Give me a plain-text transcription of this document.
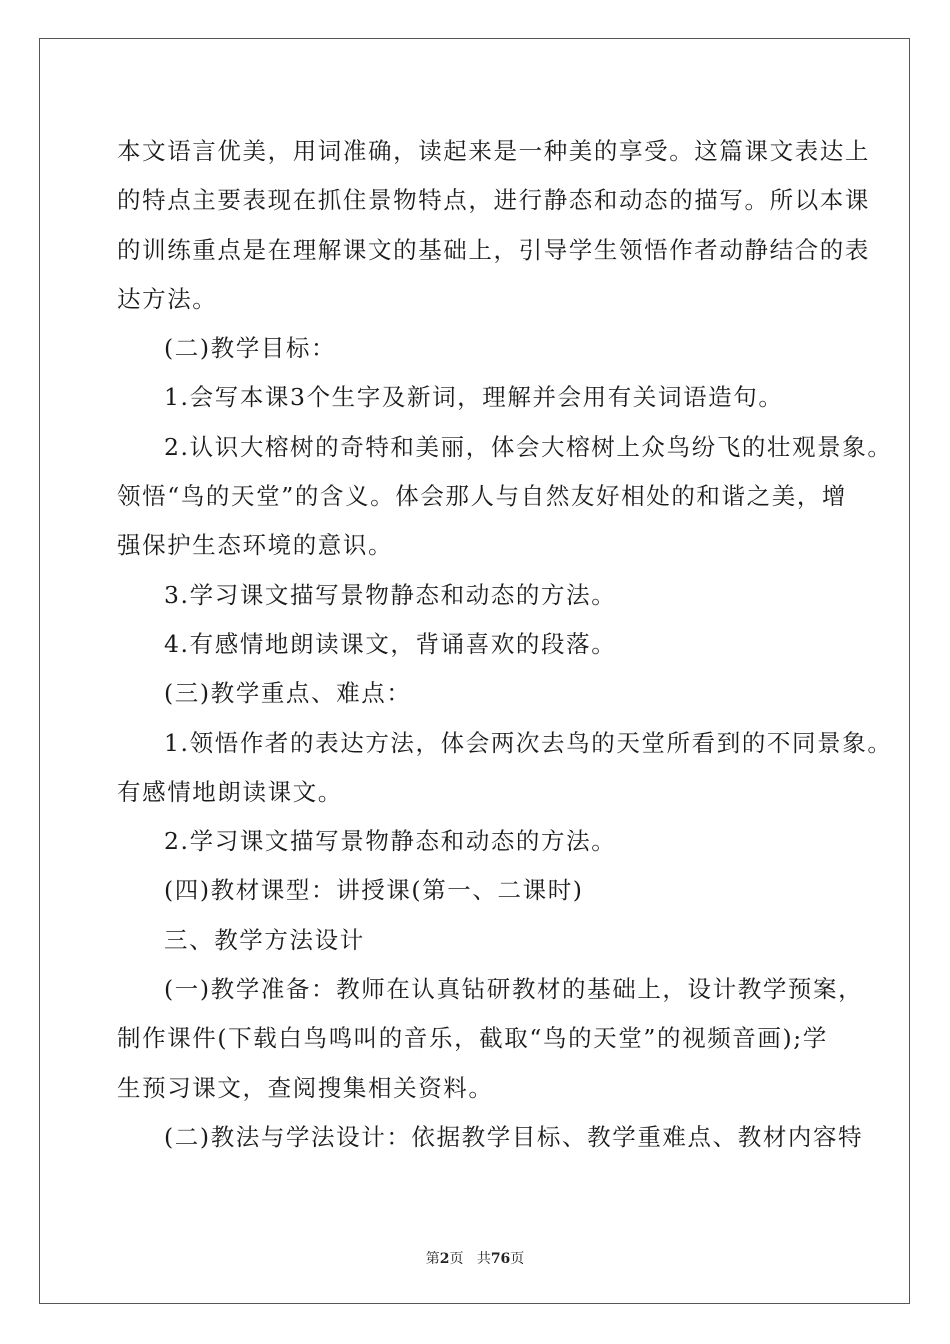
本文语言优美，用词准确，读起来是一种美的享受。这篇课文表达上
的特点主要表现在抓住景物特点，进行静态和动态的描写。所以本课
的训练重点是在理解课文的基础上，引导学生领悟作者动静结合的表
达方法。
(二)教学目标：
1.会写本课3个生字及新词，理解并会用有关词语造句。
2.认识大榕树的奇特和美丽，体会大榕树上众鸟纷飞的壮观景象。
领悟“鸟的天堂”的含义。体会那人与自然友好相处的和谐之美，增
强保护生态环境的意识。
3.学习课文描写景物静态和动态的方法。
4.有感情地朗读课文，背诵喜欢的段落。
(三)教学重点、难点：
1.领悟作者的表达方法，体会两次去鸟的天堂所看到的不同景象。
有感情地朗读课文。
2.学习课文描写景物静态和动态的方法。
(四)教材课型：讲授课(第一、二课时)
三、教学方法设计
(一)教学准备：教师在认真钻研教材的基础上，设计教学预案，
制作课件(下载白鸟鸣叫的音乐，截取“鸟的天堂”的视频音画);学
生预习课文，查阅搜集相关资料。
(二)教法与学法设计：依据教学目标、教学重难点、教材内容特
第2页 共76页
